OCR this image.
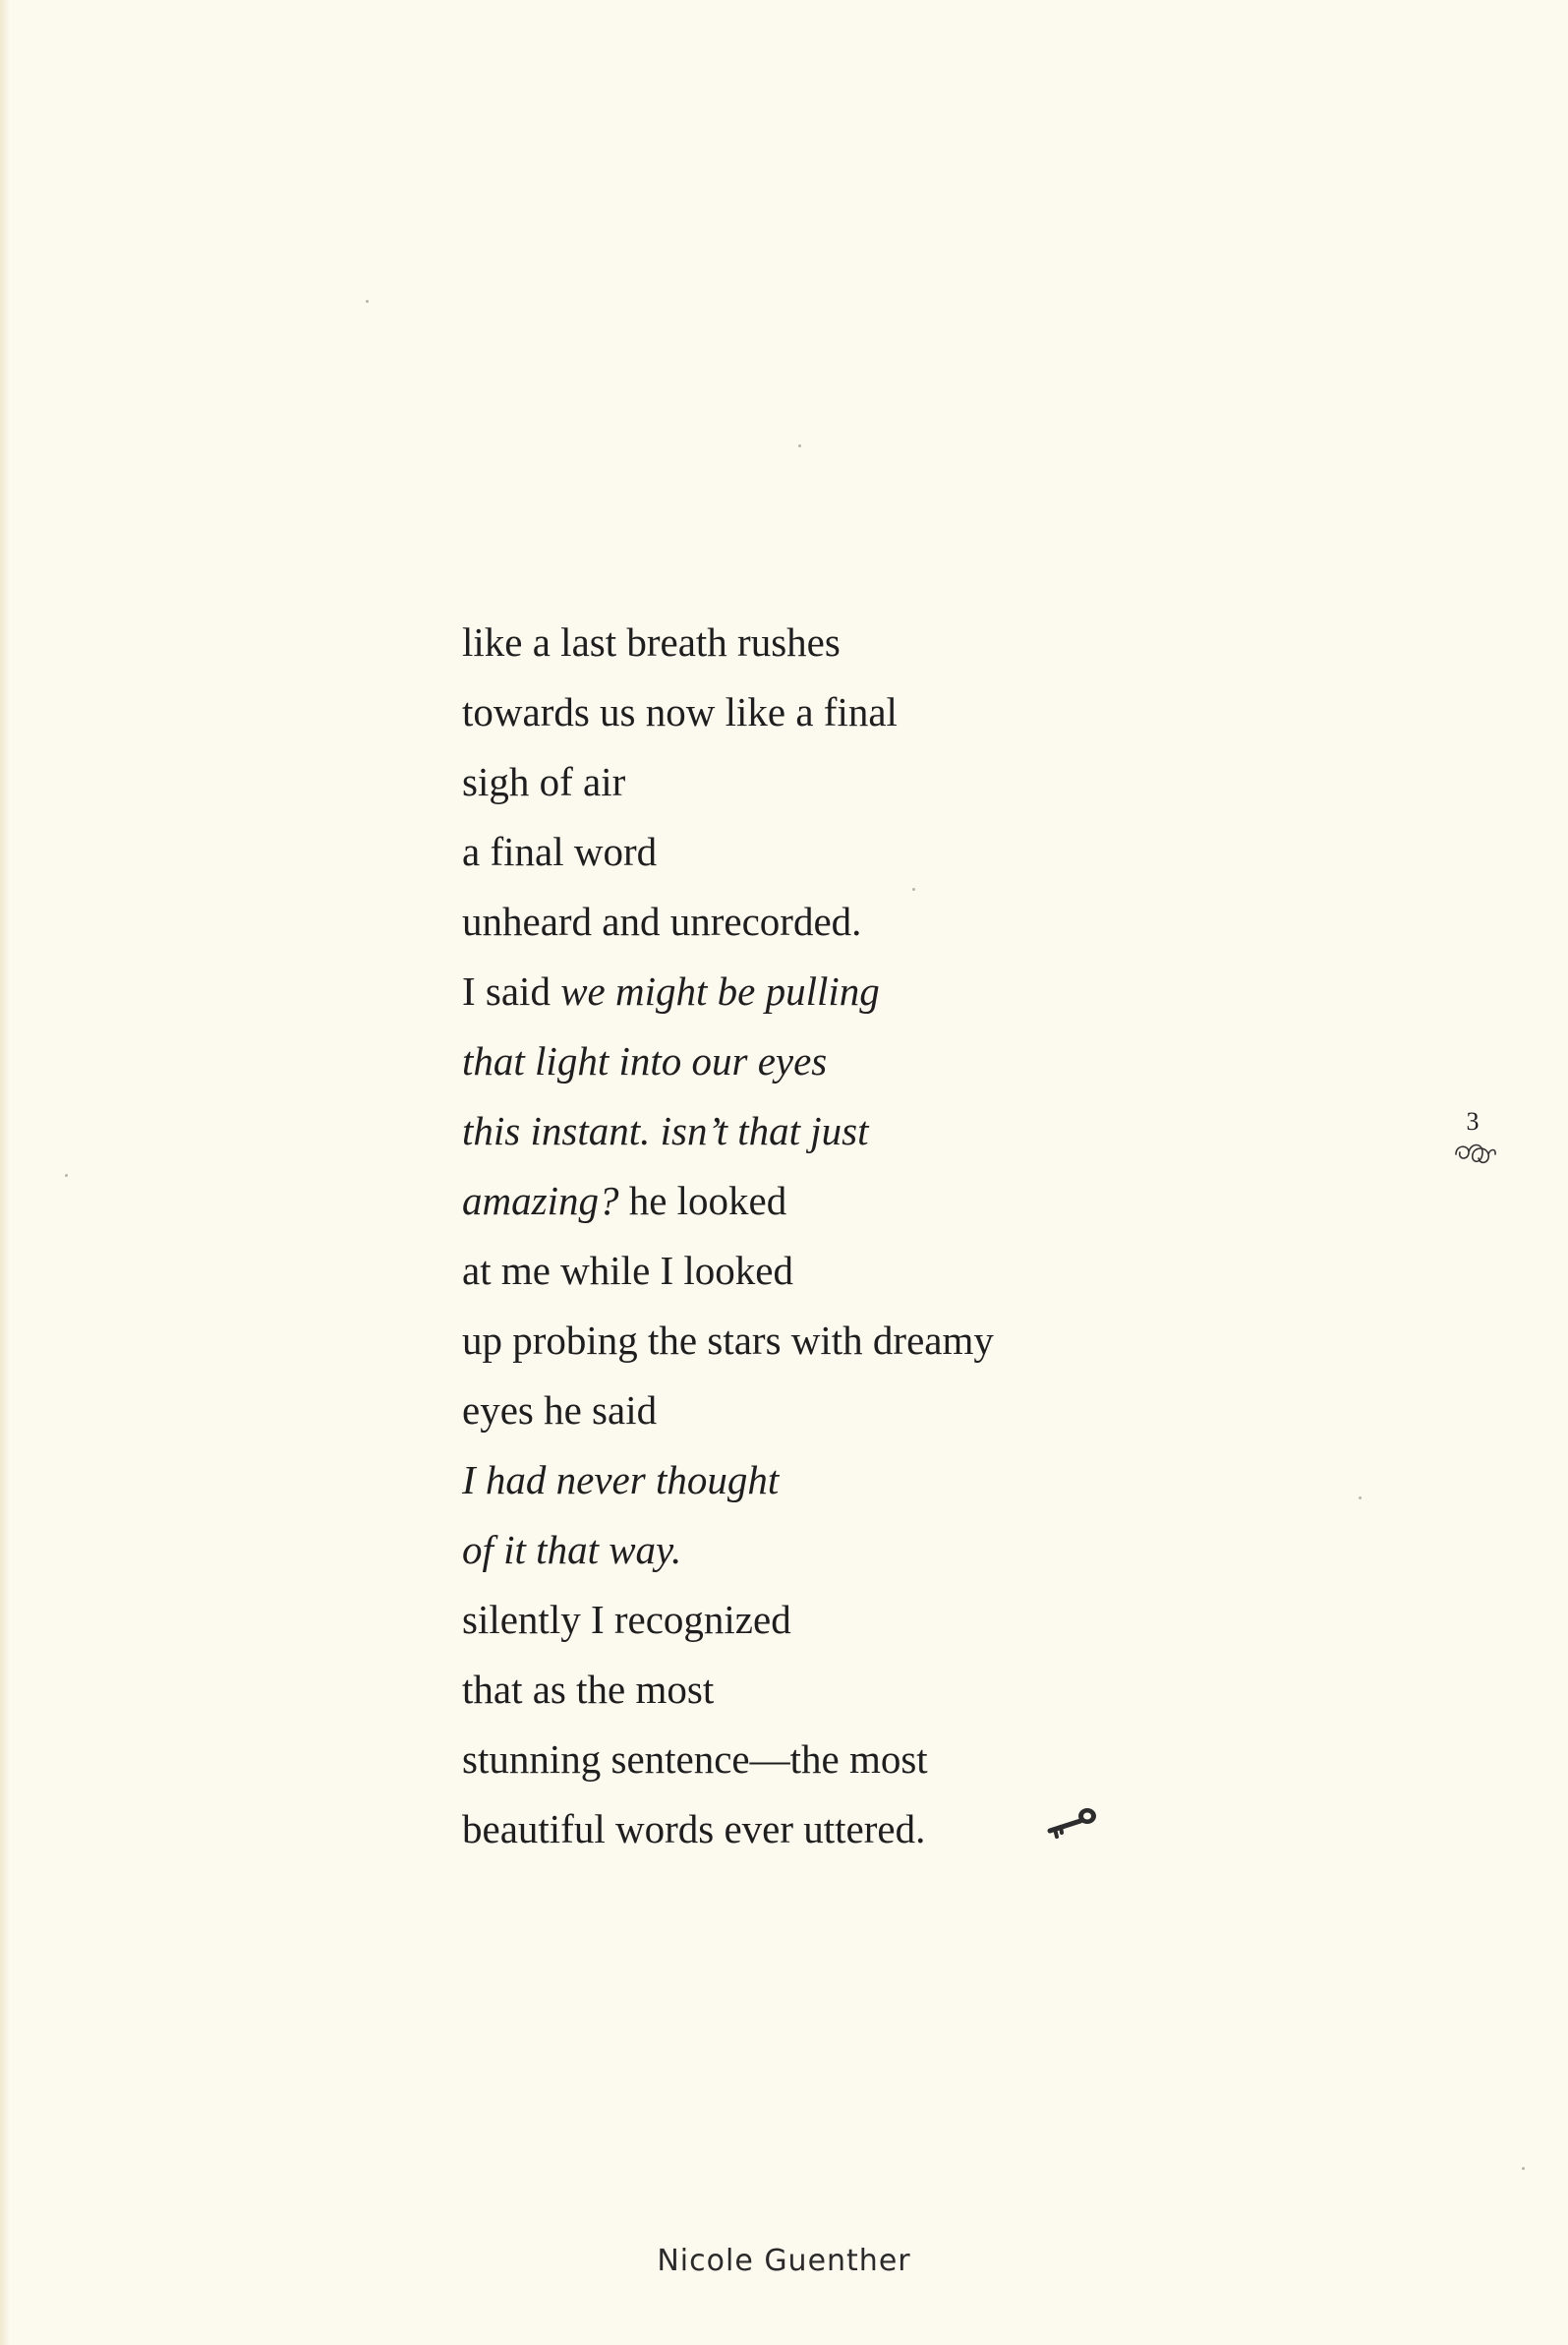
like a last breath rushes
towards us now like a final
sigh of air
a final word
unheard and unrecorded.
I said we might be pulling
that light into our eyes
this instant. isn’t that just
amazing? he looked
at me while I looked
up probing the stars with dreamy
eyes he said
I had never thought
of it that way.
silently I recognized
that as the most
stunning sentence—the most
beautiful words ever uttered.
3
Nicole Guenther
